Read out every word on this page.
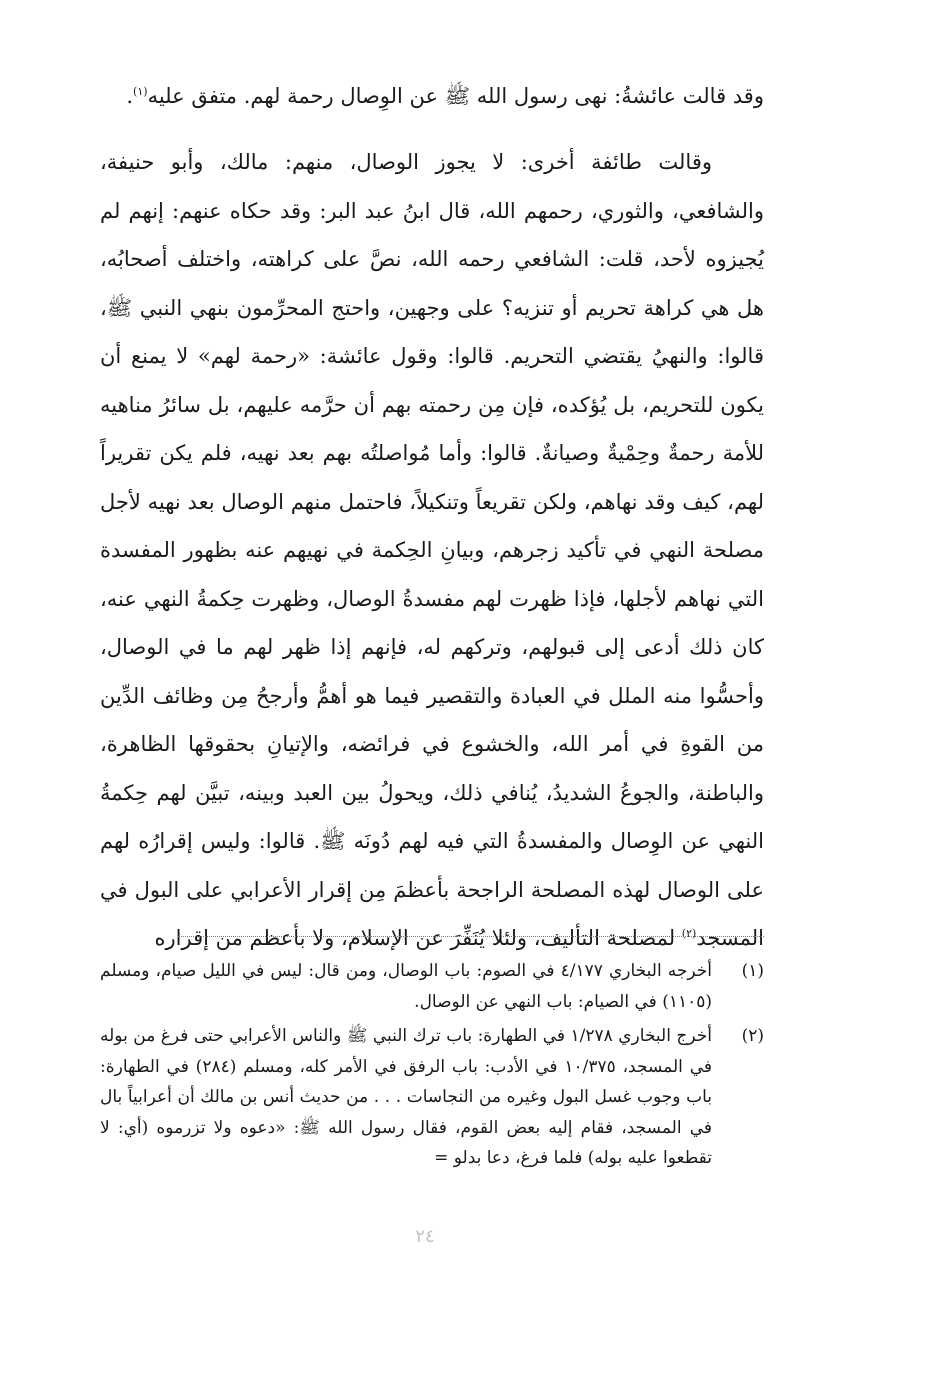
وقد قالت عائشةُ: نهى رسول الله ﷺ عن الوِصال رحمة لهم. متفق عليه$^{(١)}$.

وقالت طائفة أخرى: لا يجوز الوصال، منهم: مالك، وأبو حنيفة، والشافعي، والثوري، رحمهم الله، قال ابنُ عبد البر: وقد حكاه عنهم: إنهم لم يُجيزوه لأحد، قلت: الشافعي رحمه الله، نصَّ على كراهته، واختلف أصحابُه، هل هي كراهة تحريم أو تنزيه؟ على وجهين، واحتج المحرِّمون بنهي النبي ﷺ، قالوا: والنهيُ يقتضي التحريم. قالوا: وقول عائشة: «رحمة لهم» لا يمنع أن يكون للتحريم، بل يُؤكده، فإن مِن رحمته بهم أن حرَّمه عليهم، بل سائرُ مناهيه للأمة رحمةٌ وحِمْيةٌ وصيانةٌ. قالوا: وأما مُواصلتُه بهم بعد نهيه، فلم يكن تقريراً لهم، كيف وقد نهاهم، ولكن تقريعاً وتنكيلاً، فاحتمل منهم الوصال بعد نهيه لأجل مصلحة النهي في تأكيد زجرهم، وبيانِ الحِكمة في نهيهم عنه بظهور المفسدة التي نهاهم لأجلها، فإذا ظهرت لهم مفسدةُ الوصال، وظهرت حِكمةُ النهي عنه، كان ذلك أدعى إلى قبولهم، وتركهم له، فإنهم إذا ظهر لهم ما في الوصال، وأحسُّوا منه الملل في العبادة والتقصير فيما هو أهمُّ وأرجحُ مِن وظائف الدِّين من القوةِ في أمر الله، والخشوع في فرائضه، والإتيانِ بحقوقها الظاهرة، والباطنة، والجوعُ الشديدُ، يُنافي ذلك، ويحولُ بين العبد وبينه، تبيَّن لهم حِكمةُ النهي عن الوِصال والمفسدةُ التي فيه لهم دُونَه ﷺ. قالوا: وليس إقرارُه لهم على الوصال لهذه المصلحة الراجحة بأعظمَ مِن إقرار الأعرابي على البول في المسجد$^{(٢)}$ لمصلحة التأليف، ولئلا يُنَفِّرَ عن الإسلام، ولا بأعظم من إقراره

(١)
أخرجه البخاري ٤/١٧٧ في الصوم: باب الوصال، ومن قال: ليس في الليل صيام، ومسلم (١١٠٥) في الصيام: باب النهي عن الوصال.
(٢)
أخرج البخاري ١/٢٧٨ في الطهارة: باب ترك النبي ﷺ والناس الأعرابي حتى فرغ من بوله في المسجد، ١٠/٣٧٥ في الأدب: باب الرفق في الأمر كله، ومسلم (٢٨٤) في الطهارة: باب وجوب غسل البول وغيره من النجاسات . . . من حديث أنس بن مالك أن أعرابياً بال في المسجد، فقام إليه بعض القوم، فقال رسول الله ﷺ: «دعوه ولا تزرموه (أي: لا تقطعوا عليه بوله) فلما فرغ، دعا بدلو =
٢٤
